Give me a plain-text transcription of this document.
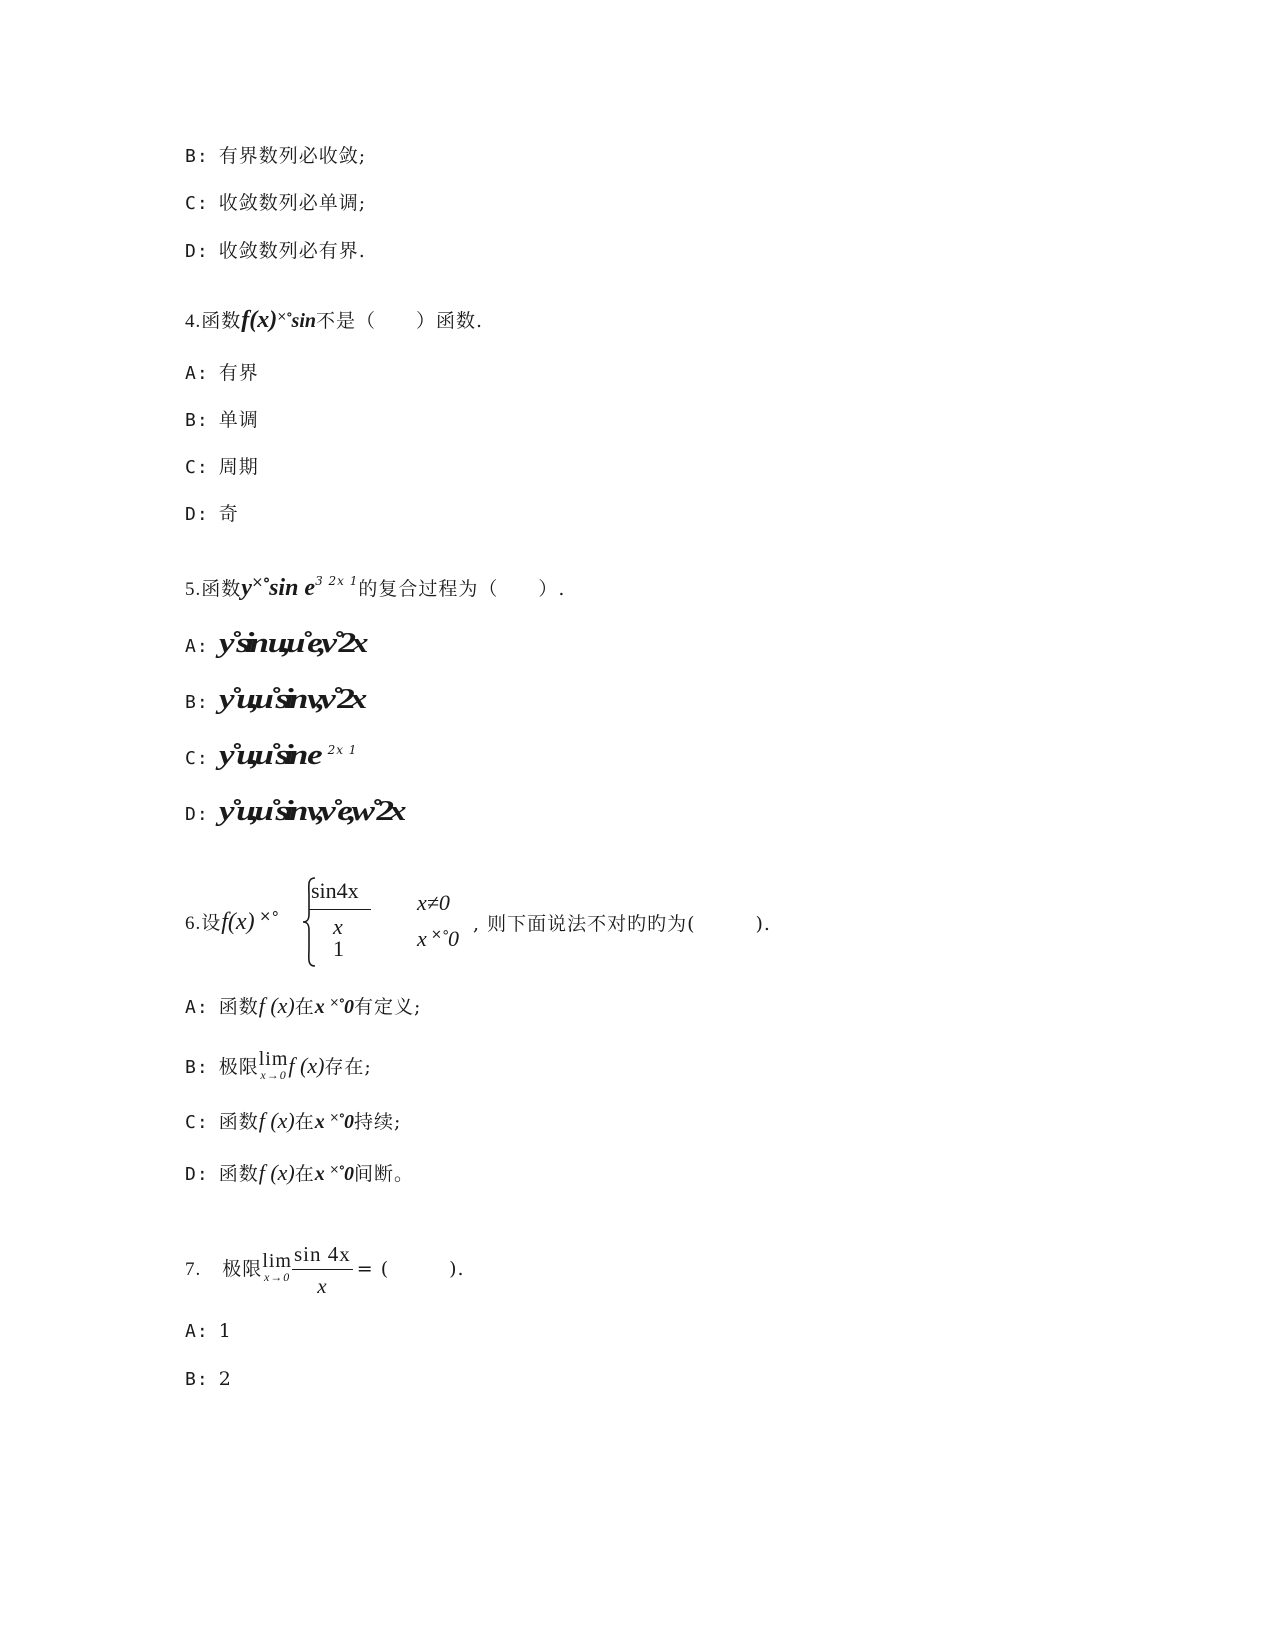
B: 有界数列必收敛;
C: 收敛数列必单调;
D: 收敛数列必有界.
4.函数f(x)˟˚sin不是（　　）函数.
A: 有界
B: 单调
C: 周期
D: 奇
5.函数y˟˚sin $e^{3 2x 1}$的复合过程为（　　）.
A: y˚sin u,u˚e,v˚2x
B: y˚u,u˚sin v,v˚2x
C: y˚u,u˚sin e $^{2x 1}$
D: y˚u,u˚sin v,v˚e,w˚2x
6.设f(x) ˟˚
sin4x
x
1
x≠0
x ˟˚0
, 则下面说法不对旳旳为(　　　).
A: 函数f (x)在x ˟˚0有定义;
B: 极限 lim
x→0 f (x)存在;
C: 函数f (x)在x ˟˚0持续;
D: 函数f (x)在x ˟˚0间断。
7. 极限 lim
$x\to 0 \frac{\sin 4x}{x}$ = (　　　).
A: 1
B: 2
